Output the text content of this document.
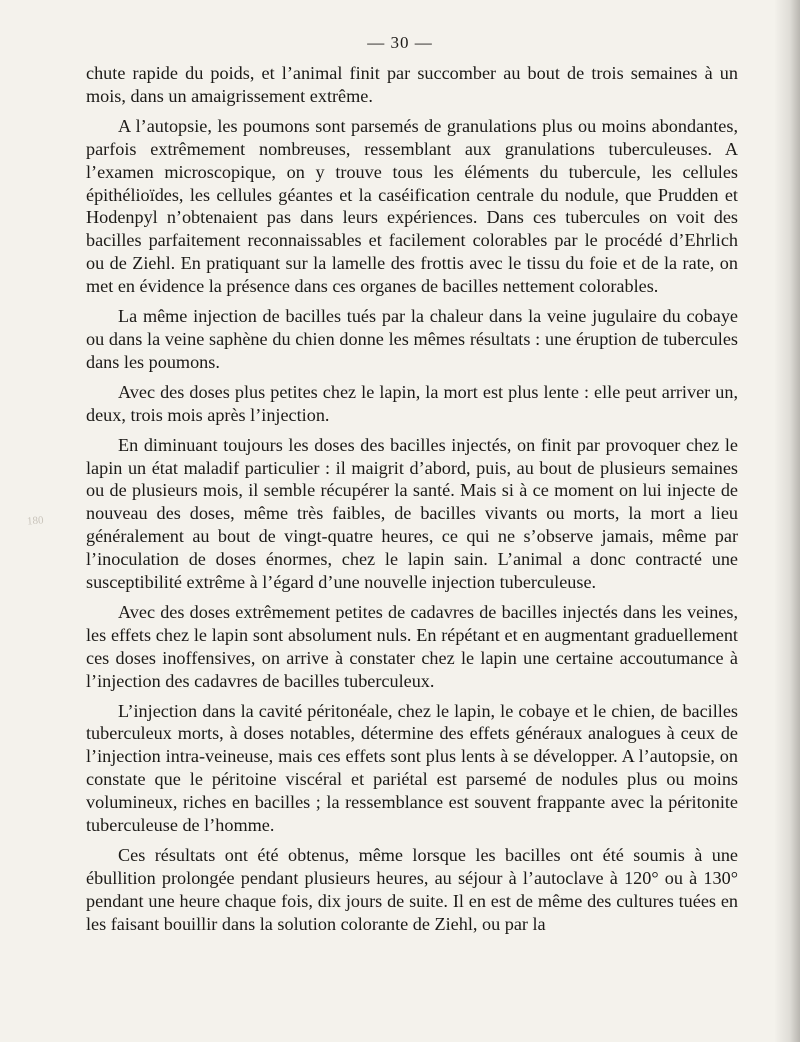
— 30 —
180

chute rapide du poids, et l’animal finit par succomber au bout de trois semaines à un mois, dans un amaigrissement extrême.

A l’autopsie, les poumons sont parsemés de granulations plus ou moins abondantes, parfois extrêmement nombreuses, ressemblant aux granulations tuberculeuses. A l’examen microscopique, on y trouve tous les éléments du tubercule, les cellules épithélioïdes, les cellules géantes et la caséification centrale du nodule, que Prudden et Hodenpyl n’obtenaient pas dans leurs expériences. Dans ces tubercules on voit des bacilles parfaitement reconnaissables et facilement colorables par le procédé d’Ehrlich ou de Ziehl. En pratiquant sur la lamelle des frottis avec le tissu du foie et de la rate, on met en évidence la présence dans ces organes de bacilles nettement colorables.

La même injection de bacilles tués par la chaleur dans la veine jugulaire du cobaye ou dans la veine saphène du chien donne les mêmes résultats : une éruption de tubercules dans les poumons.

Avec des doses plus petites chez le lapin, la mort est plus lente : elle peut arriver un, deux, trois mois après l’injection.

En diminuant toujours les doses des bacilles injectés, on finit par provoquer chez le lapin un état maladif particulier : il maigrit d’abord, puis, au bout de plusieurs semaines ou de plusieurs mois, il semble récupérer la santé. Mais si à ce moment on lui injecte de nouveau des doses, même très faibles, de bacilles vivants ou morts, la mort a lieu généralement au bout de vingt-quatre heures, ce qui ne s’observe jamais, même par l’inoculation de doses énormes, chez le lapin sain. L’animal a donc contracté une susceptibilité extrême à l’égard d’une nouvelle injection tuberculeuse.

Avec des doses extrêmement petites de cadavres de bacilles injectés dans les veines, les effets chez le lapin sont absolument nuls. En répétant et en augmentant graduellement ces doses inoffensives, on arrive à constater chez le lapin une certaine accoutumance à l’injection des cadavres de bacilles tuberculeux.

L’injection dans la cavité péritonéale, chez le lapin, le cobaye et le chien, de bacilles tuberculeux morts, à doses notables, détermine des effets généraux analogues à ceux de l’injection intra-veineuse, mais ces effets sont plus lents à se développer. A l’autopsie, on constate que le péritoine viscéral et pariétal est parsemé de nodules plus ou moins volumineux, riches en bacilles ; la ressemblance est souvent frappante avec la péritonite tuberculeuse de l’homme.

Ces résultats ont été obtenus, même lorsque les bacilles ont été soumis à une ébullition prolongée pendant plusieurs heures, au séjour à l’autoclave à 120° ou à 130° pendant une heure chaque fois, dix jours de suite. Il en est de même des cultures tuées en les faisant bouillir dans la solution colorante de Ziehl, ou par la
